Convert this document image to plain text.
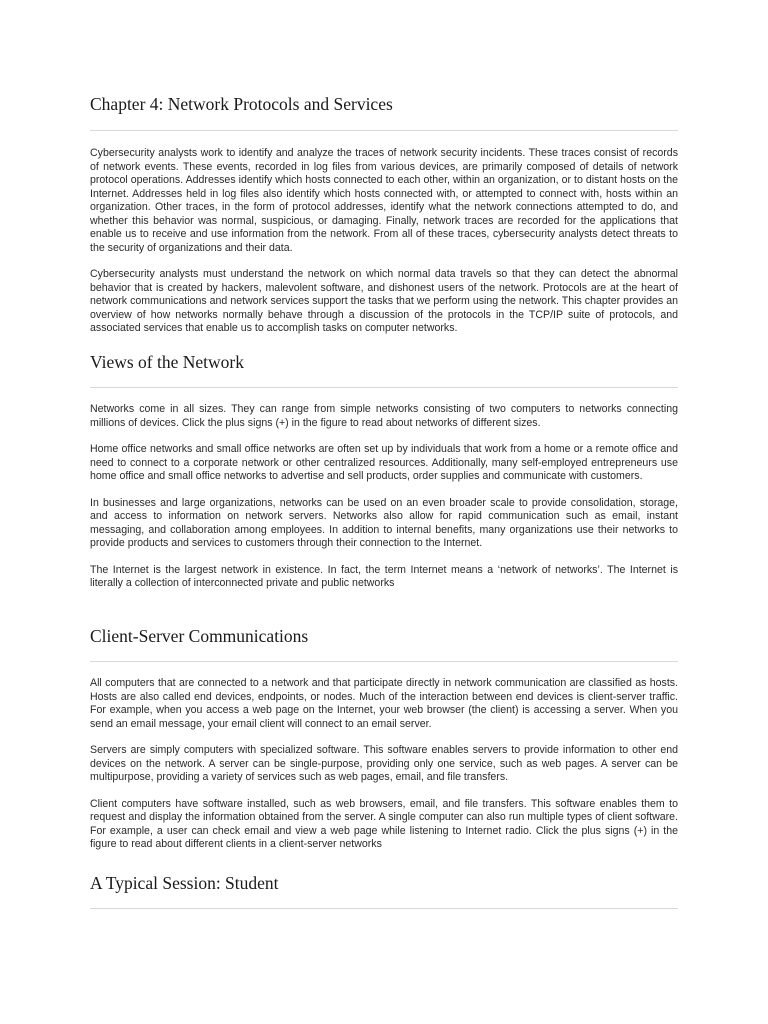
Chapter 4: Network Protocols and Services

Cybersecurity analysts work to identify and analyze the traces of network security incidents. These traces consist of records of network events. These events, recorded in log files from various devices, are primarily composed of details of network protocol operations. Addresses identify which hosts connected to each other, within an organization, or to distant hosts on the Internet. Addresses held in log files also identify which hosts connected with, or attempted to connect with, hosts within an organization. Other traces, in the form of protocol addresses, identify what the network connections attempted to do, and whether this behavior was normal, suspicious, or damaging. Finally, network traces are recorded for the applications that enable us to receive and use information from the network. From all of these traces, cybersecurity analysts detect threats to the security of organizations and their data.

Cybersecurity analysts must understand the network on which normal data travels so that they can detect the abnormal behavior that is created by hackers, malevolent software, and dishonest users of the network. Protocols are at the heart of network communications and network services support the tasks that we perform using the network. This chapter provides an overview of how networks normally behave through a discussion of the protocols in the TCP/IP suite of protocols, and associated services that enable us to accomplish tasks on computer networks.

Views of the Network

Networks come in all sizes. They can range from simple networks consisting of two computers to networks connecting millions of devices. Click the plus signs (+) in the figure to read about networks of different sizes.

Home office networks and small office networks are often set up by individuals that work from a home or a remote office and need to connect to a corporate network or other centralized resources. Additionally, many self-employed entrepreneurs use home office and small office networks to advertise and sell products, order supplies and communicate with customers.

In businesses and large organizations, networks can be used on an even broader scale to provide consolidation, storage, and access to information on network servers. Networks also allow for rapid communication such as email, instant messaging, and collaboration among employees. In addition to internal benefits, many organizations use their networks to provide products and services to customers through their connection to the Internet.

The Internet is the largest network in existence. In fact, the term Internet means a ‘network of networks’. The Internet is literally a collection of interconnected private and public networks

Client-Server Communications

All computers that are connected to a network and that participate directly in network communication are classified as hosts. Hosts are also called end devices, endpoints, or nodes. Much of the interaction between end devices is client-server traffic. For example, when you access a web page on the Internet, your web browser (the client) is accessing a server. When you send an email message, your email client will connect to an email server.

Servers are simply computers with specialized software. This software enables servers to provide information to other end devices on the network. A server can be single-purpose, providing only one service, such as web pages. A server can be multipurpose, providing a variety of services such as web pages, email, and file transfers.

Client computers have software installed, such as web browsers, email, and file transfers. This software enables them to request and display the information obtained from the server. A single computer can also run multiple types of client software. For example, a user can check email and view a web page while listening to Internet radio. Click the plus signs (+) in the figure to read about different clients in a client-server networks

A Typical Session: Student
